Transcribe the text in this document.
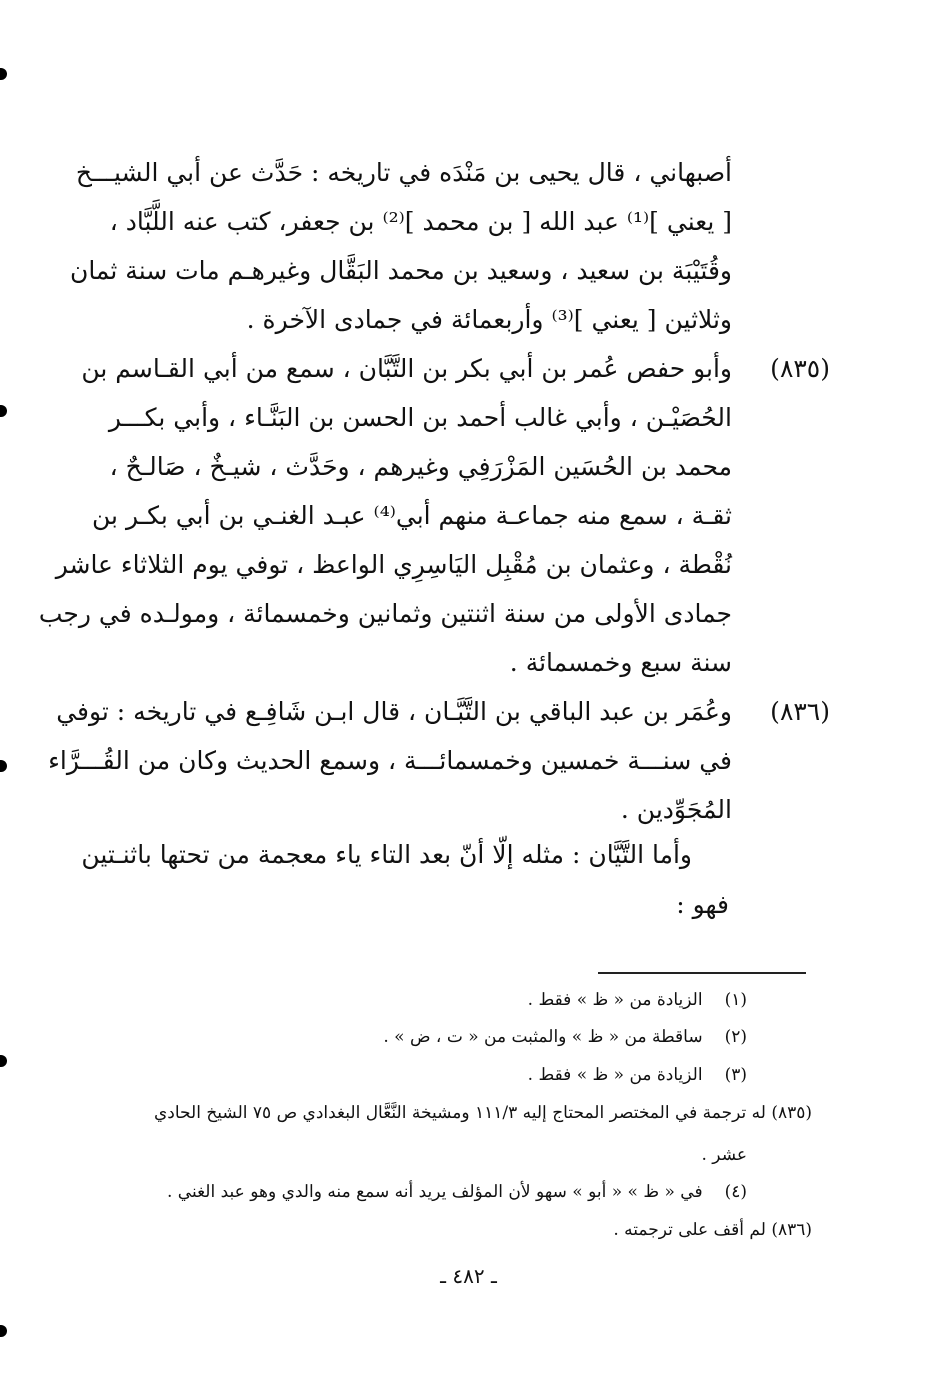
أصبهاني ، قال يحيى بن مَنْدَه في تاريخه : حَدَّث عن أبي الشيـــخ
[ يعني ]⁽¹⁾ عبد الله [ بن محمد ]⁽²⁾ بن جعفر، كتب عنه اللَّبَّاد ،
وقُتَيْبَة بن سعيد ، وسعيد بن محمد البَقَّال وغيرهـم مات سنة ثمان
وثلاثين [ يعني ]⁽³⁾ وأربعمائة في جمادى الآخرة .
(٨٣٥)
وأبو حفص عُمر بن أبي بكر بن التَّبَّان ، سمع من أبي القـاسم بن
الحُصَيْـن ، وأبي غالب أحمد بن الحسن بن البَنَّـاء ، وأبي بكـــر
محمد بن الحُسَين المَزْرَفِي وغيرهم ، وحَدَّث ، شيـخٌ ، صَالـحٌ ،
ثقـة ، سمع منه جماعـة منهم أبي⁽⁴⁾ عبـد الغنـي بن أبي بكـر بن
نُقْطة ، وعثمان بن مُقْبِل اليَاسِرِي الواعظ ، توفي يوم الثلاثاء عاشر
جمادى الأولى من سنة اثنتين وثمانين وخمسمائة ، ومولـده في رجب
سنة سبع وخمسمائة .
(٨٣٦)
وعُمَر بن عبد الباقي بن التَّبَّـان ، قال ابـن شَافِـع في تاريخه : توفي
في سنـــة خمسين وخمسمائـــة ، وسمع الحديث وكان من القُـــرَّاء
المُجَوِّدين .
وأما التَّيَّان : مثله إلّا أنّ بعد التاء ياء معجمة من تحتها باثنـتين
فهو :
(١)الزيادة من « ظ » فقط .
(٢)ساقطة من « ظ » والمثبت من « ت ، ض » .
(٣)الزيادة من « ظ » فقط .
(٨٣٥) له ترجمة في المختصر المحتاج إليه ١١١/٣ ومشيخة النَّعَّال البغدادي ص ٧٥ الشيخ الحادي
عشر .
(٤)في « ظ » « أبو » سهو لأن المؤلف يريد أنه سمع منه والدي وهو عبد الغني .
(٨٣٦) لم أقف على ترجمته .
ـ ٤٨٢ ـ
